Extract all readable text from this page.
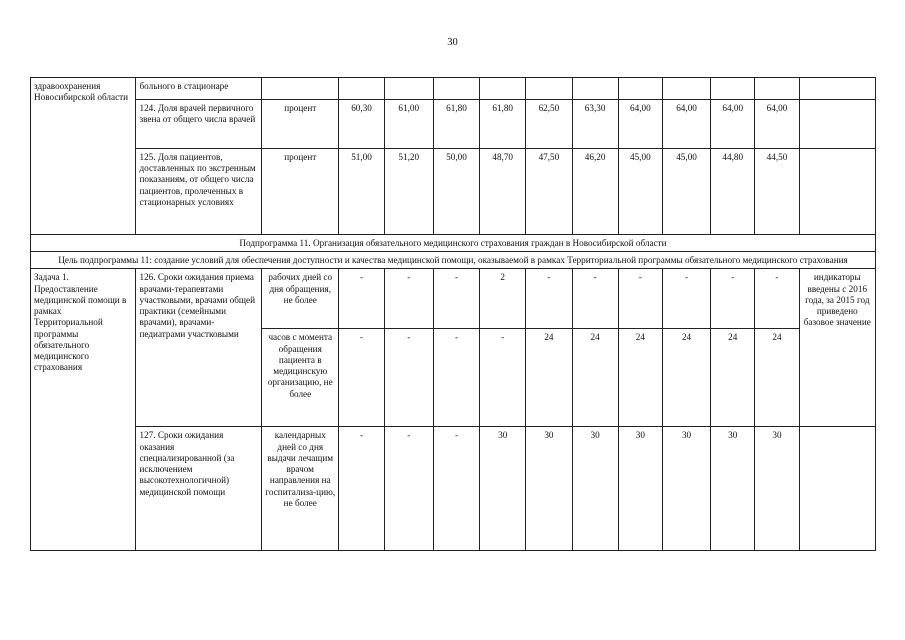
30
здравоохранения Новосибирской области	больного в стационаре												
	124. Доля врачей первичного звена от общего числа врачей	процент	60,30	61,00	61,80	61,80	62,50	63,30	64,00	64,00	64,00	64,00	
	125. Доля пациентов, доставленных по экстренным показаниям, от общего числа пациентов, пролеченных в стационарных условиях	процент	51,00	51,20	50,00	48,70	47,50	46,20	45,00	45,00	44,80	44,50	
Подпрограмма 11. Организация обязательного медицинского страхования граждан в Новосибирской области													
Цель подпрограммы 11: создание условий для обеспечения доступности и качества медицинской помощи, оказываемой в рамках Территориальной программы обязательного медицинского страхования													
Задача 1. Предоставление медицинской помощи в рамках Территориальной программы обязательного медицинского страхования	126. Сроки ожидания приема врачами-терапевтами участковыми, врачами общей практики (семейными врачами), врачами-педиатрами участковыми	рабочих дней со дня обращения, не более	-	-	-	2	-	-	-	-	-	-	индикаторы введены с 2016 года, за 2015 год приведено базовое значение
		часов с момента обращения пациента в медицинскую организацию, не более	-	-	-	-	24	24	24	24	24	24	
	127. Сроки ожидания оказания специализированной (за исключением высокотехнологичной) медицинской помощи	календарных дней со дня выдачи лечащим врачом направления на госпитализа-цию, не более	-	-	-	30	30	30	30	30	30	30	
